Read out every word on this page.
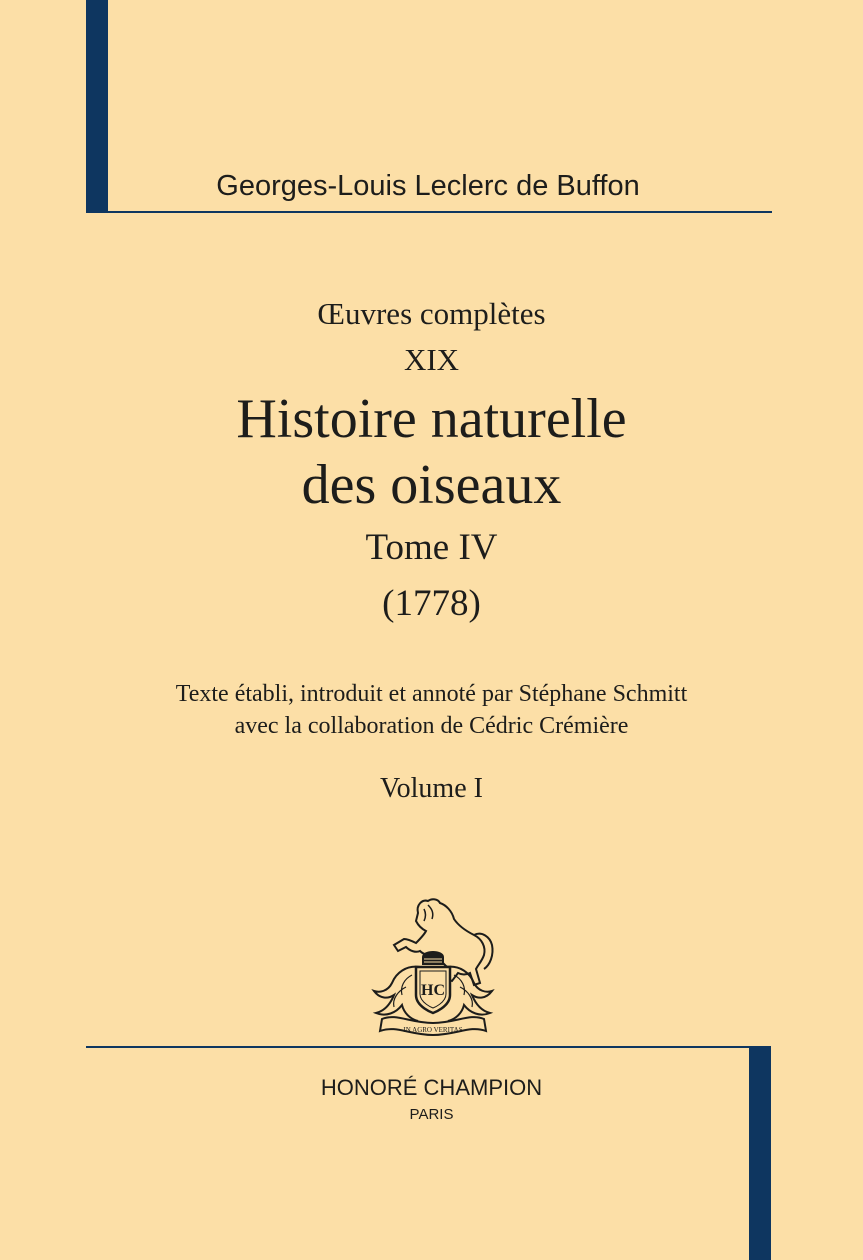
Georges-Louis Leclerc de Buffon
Œuvres complètes
XIX
Histoire naturelle
des oiseaux
Tome IV
(1778)
Texte établi, introduit et annoté par Stéphane Schmitt
avec la collaboration de Cédric Crémière
Volume I
HC
IN AGRO VERITAS
HONORÉ CHAMPION
PARIS
